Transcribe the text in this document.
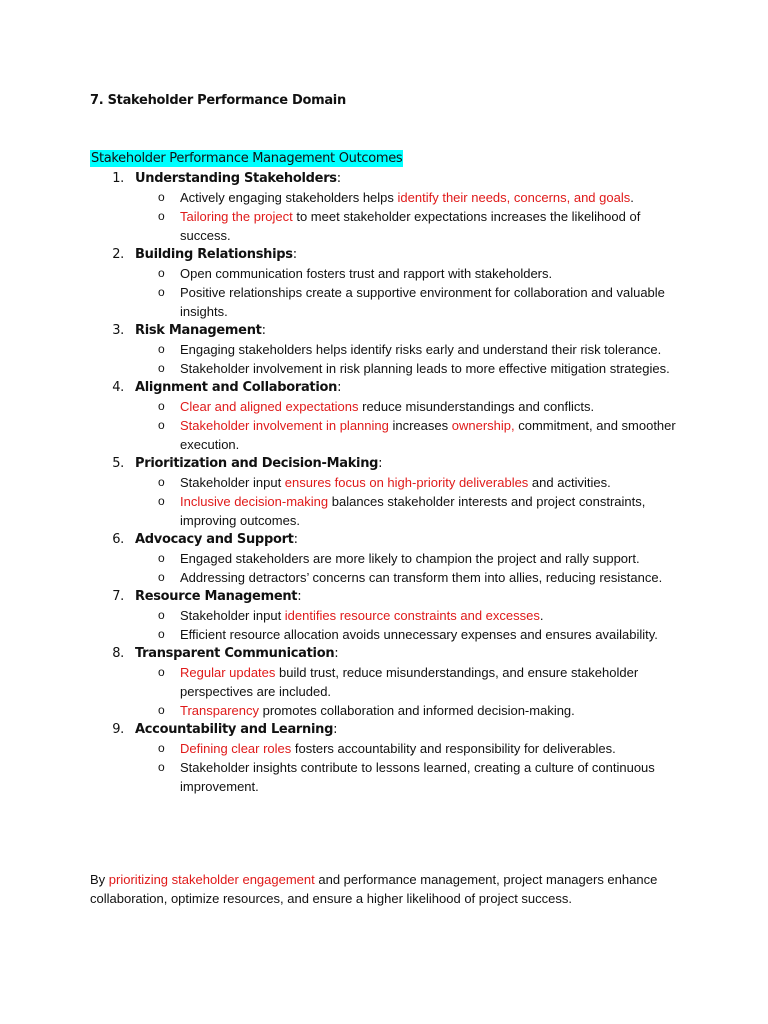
7. Stakeholder Performance Domain
Stakeholder Performance Management Outcomes
1. Understanding Stakeholders:
o Actively engaging stakeholders helps identify their needs, concerns, and goals.
o Tailoring the project to meet stakeholder expectations increases the likelihood of success.
2. Building Relationships:
o Open communication fosters trust and rapport with stakeholders.
o Positive relationships create a supportive environment for collaboration and valuable insights.
3. Risk Management:
o Engaging stakeholders helps identify risks early and understand their risk tolerance.
o Stakeholder involvement in risk planning leads to more effective mitigation strategies.
4. Alignment and Collaboration:
o Clear and aligned expectations reduce misunderstandings and conflicts.
o Stakeholder involvement in planning increases ownership, commitment, and smoother execution.
5. Prioritization and Decision-Making:
o Stakeholder input ensures focus on high-priority deliverables and activities.
o Inclusive decision-making balances stakeholder interests and project constraints, improving outcomes.
6. Advocacy and Support:
o Engaged stakeholders are more likely to champion the project and rally support.
o Addressing detractors’ concerns can transform them into allies, reducing resistance.
7. Resource Management:
o Stakeholder input identifies resource constraints and excesses.
o Efficient resource allocation avoids unnecessary expenses and ensures availability.
8. Transparent Communication:
o Regular updates build trust, reduce misunderstandings, and ensure stakeholder perspectives are included.
o Transparency promotes collaboration and informed decision-making.
9. Accountability and Learning:
o Defining clear roles fosters accountability and responsibility for deliverables.
o Stakeholder insights contribute to lessons learned, creating a culture of continuous improvement.
By prioritizing stakeholder engagement and performance management, project managers enhance collaboration, optimize resources, and ensure a higher likelihood of project success.
